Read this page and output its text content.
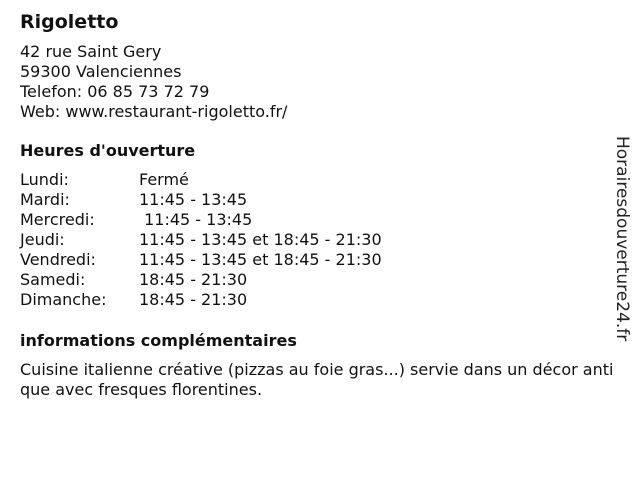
Rigoletto
42 rue Saint Gery
59300 Valenciennes
Telefon: 06 85 73 72 79
Web: www.restaurant-rigoletto.fr/
Heures d'ouverture
Lundi:	Fermé
Mardi:	11:45 - 13:45
Mercredi:	11:45 - 13:45
Jeudi:	11:45 - 13:45 et 18:45 - 21:30
Vendredi:	11:45 - 13:45 et 18:45 - 21:30
Samedi:	18:45 - 21:30
Dimanche:	18:45 - 21:30
informations complémentaires
Cuisine italienne créative (pizzas au foie gras...) servie dans un décor antique avec fresques florentines.
Horairesdouverture24.fr
